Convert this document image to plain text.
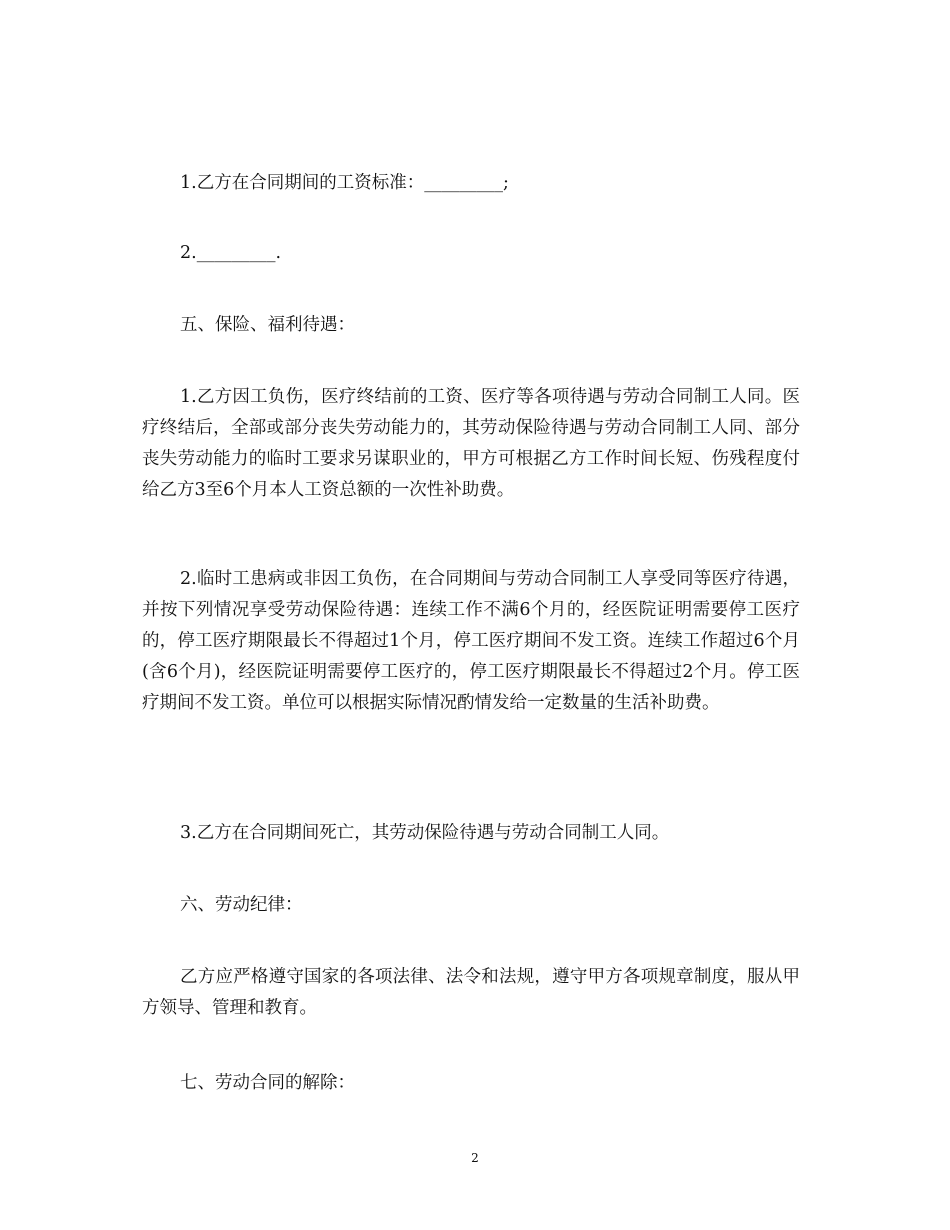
1.乙方在合同期间的工资标准：_________;

2._________.

五、保险、福利待遇：

1.乙方因工负伤，医疗终结前的工资、医疗等各项待遇与劳动合同制工人同。医疗终结后，全部或部分丧失劳动能力的，其劳动保险待遇与劳动合同制工人同、部分丧失劳动能力的临时工要求另谋职业的，甲方可根据乙方工作时间长短、伤残程度付给乙方3至6个月本人工资总额的一次性补助费。

2.临时工患病或非因工负伤，在合同期间与劳动合同制工人享受同等医疗待遇，并按下列情况享受劳动保险待遇：连续工作不满6个月的，经医院证明需要停工医疗的，停工医疗期限最长不得超过1个月，停工医疗期间不发工资。连续工作超过6个月(含6个月)，经医院证明需要停工医疗的，停工医疗期限最长不得超过2个月。停工医疗期间不发工资。单位可以根据实际情况酌情发给一定数量的生活补助费。

3.乙方在合同期间死亡，其劳动保险待遇与劳动合同制工人同。

六、劳动纪律：

乙方应严格遵守国家的各项法律、法令和法规，遵守甲方各项规章制度，服从甲方领导、管理和教育。

七、劳动合同的解除：

2
